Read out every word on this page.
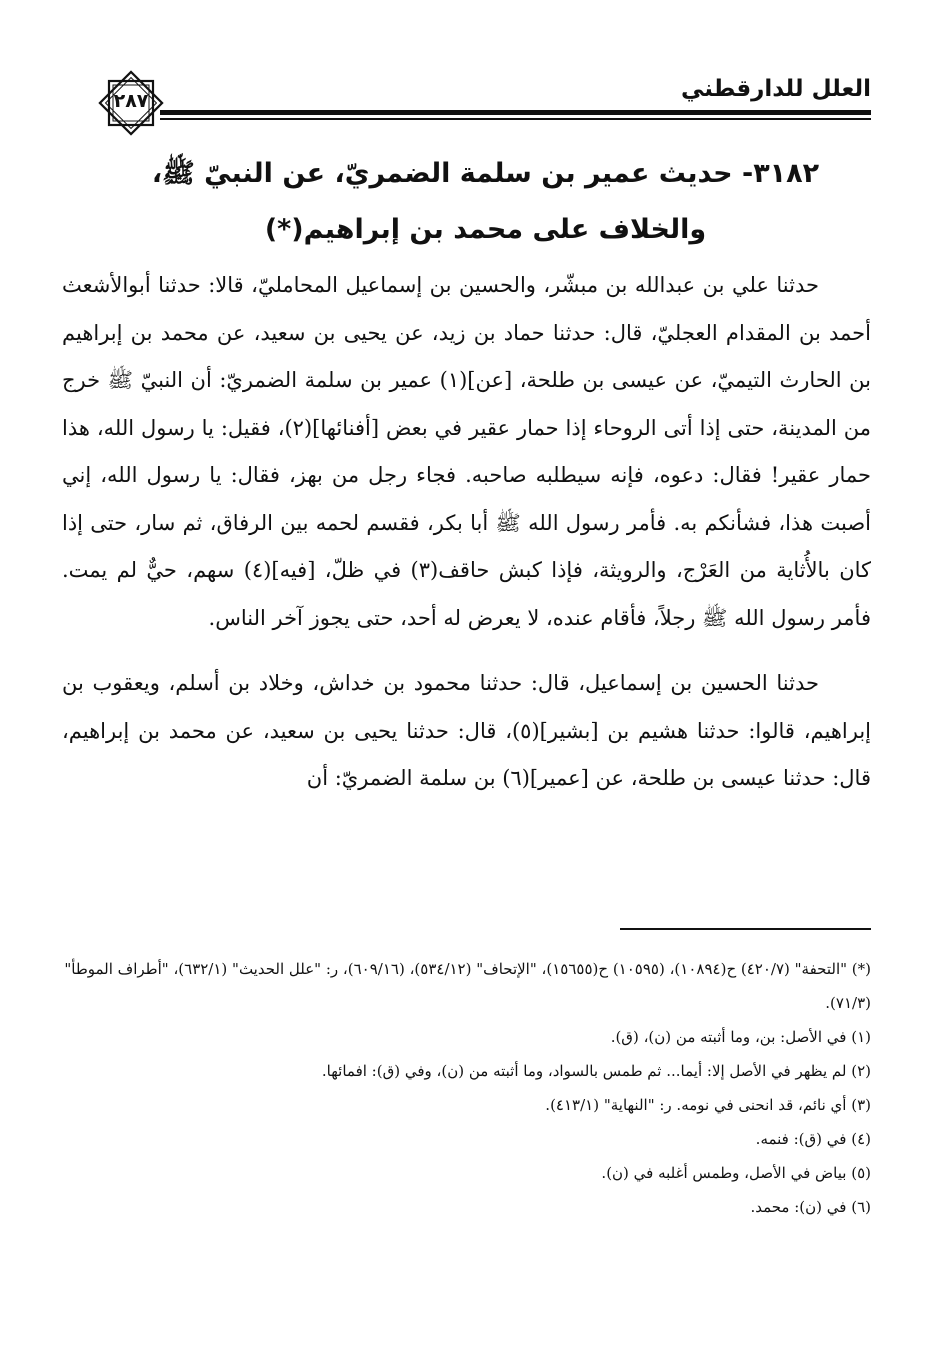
العلل للدارقطني
٢٨٧
٣١٨٢- حديث عمير بن سلمة الضمريّ، عن النبيّ ﷺ،
والخلاف على محمد بن إبراهيم(*)

حدثنا علي بن عبدالله بن مبشّر، والحسين بن إسماعيل المحامليّ، قالا: حدثنا أبوالأشعث أحمد بن المقدام العجليّ، قال: حدثنا حماد بن زيد، عن يحيى بن سعيد، عن محمد بن إبراهيم بن الحارث التيميّ، عن عيسى بن طلحة، [عن](١) عمير بن سلمة الضمريّ: أن النبيّ ﷺ خرج من المدينة، حتى إذا أتى الروحاء إذا حمار عقير في بعض [أفنائها](٢)، فقيل: يا رسول الله، هذا حمار عقير! فقال: دعوه، فإنه سيطلبه صاحبه. فجاء رجل من بهز، فقال: يا رسول الله، إني أصبت هذا، فشأنكم به. فأمر رسول الله ﷺ أبا بكر، فقسم لحمه بين الرفاق، ثم سار، حتى إذا كان بالأُثاية من العَرْج، والرويثة، فإذا كبش حاقف(٣) في ظلّ، [فيه](٤) سهم، حيٌّ لم يمت. فأمر رسول الله ﷺ رجلاً، فأقام عنده، لا يعرض له أحد، حتى يجوز آخر الناس.

حدثنا الحسين بن إسماعيل، قال: حدثنا محمود بن خداش، وخلاد بن أسلم، ويعقوب بن إبراهيم، قالوا: حدثنا هشيم بن [بشير](٥)، قال: حدثنا يحيى بن سعيد، عن محمد بن إبراهيم، قال: حدثنا عيسى بن طلحة، عن [عمير](٦) بن سلمة الضمريّ: أن

(*) "التحفة" (٤٢٠/٧) ح(١٠٨٩٤)، (١٠٥٩٥) ح(١٥٦٥٥)، "الإتحاف" (٥٣٤/١٢)، (٦٠٩/١٦)، ر: "علل الحديث" (٦٣٢/١)، "أطراف الموطأ" (٧١/٣).
(١) في الأصل: بن، وما أثبته من (ن)، (ق).
(٢) لم يظهر في الأصل إلا: أيما... ثم طمس بالسواد، وما أثبته من (ن)، وفي (ق): افمائها.
(٣) أي نائم، قد انحنى في نومه. ر: "النهاية" (٤١٣/١).
(٤) في (ق): فنمه.
(٥) بياض في الأصل، وطمس أغلبه في (ن).
(٦) في (ن): محمد.
